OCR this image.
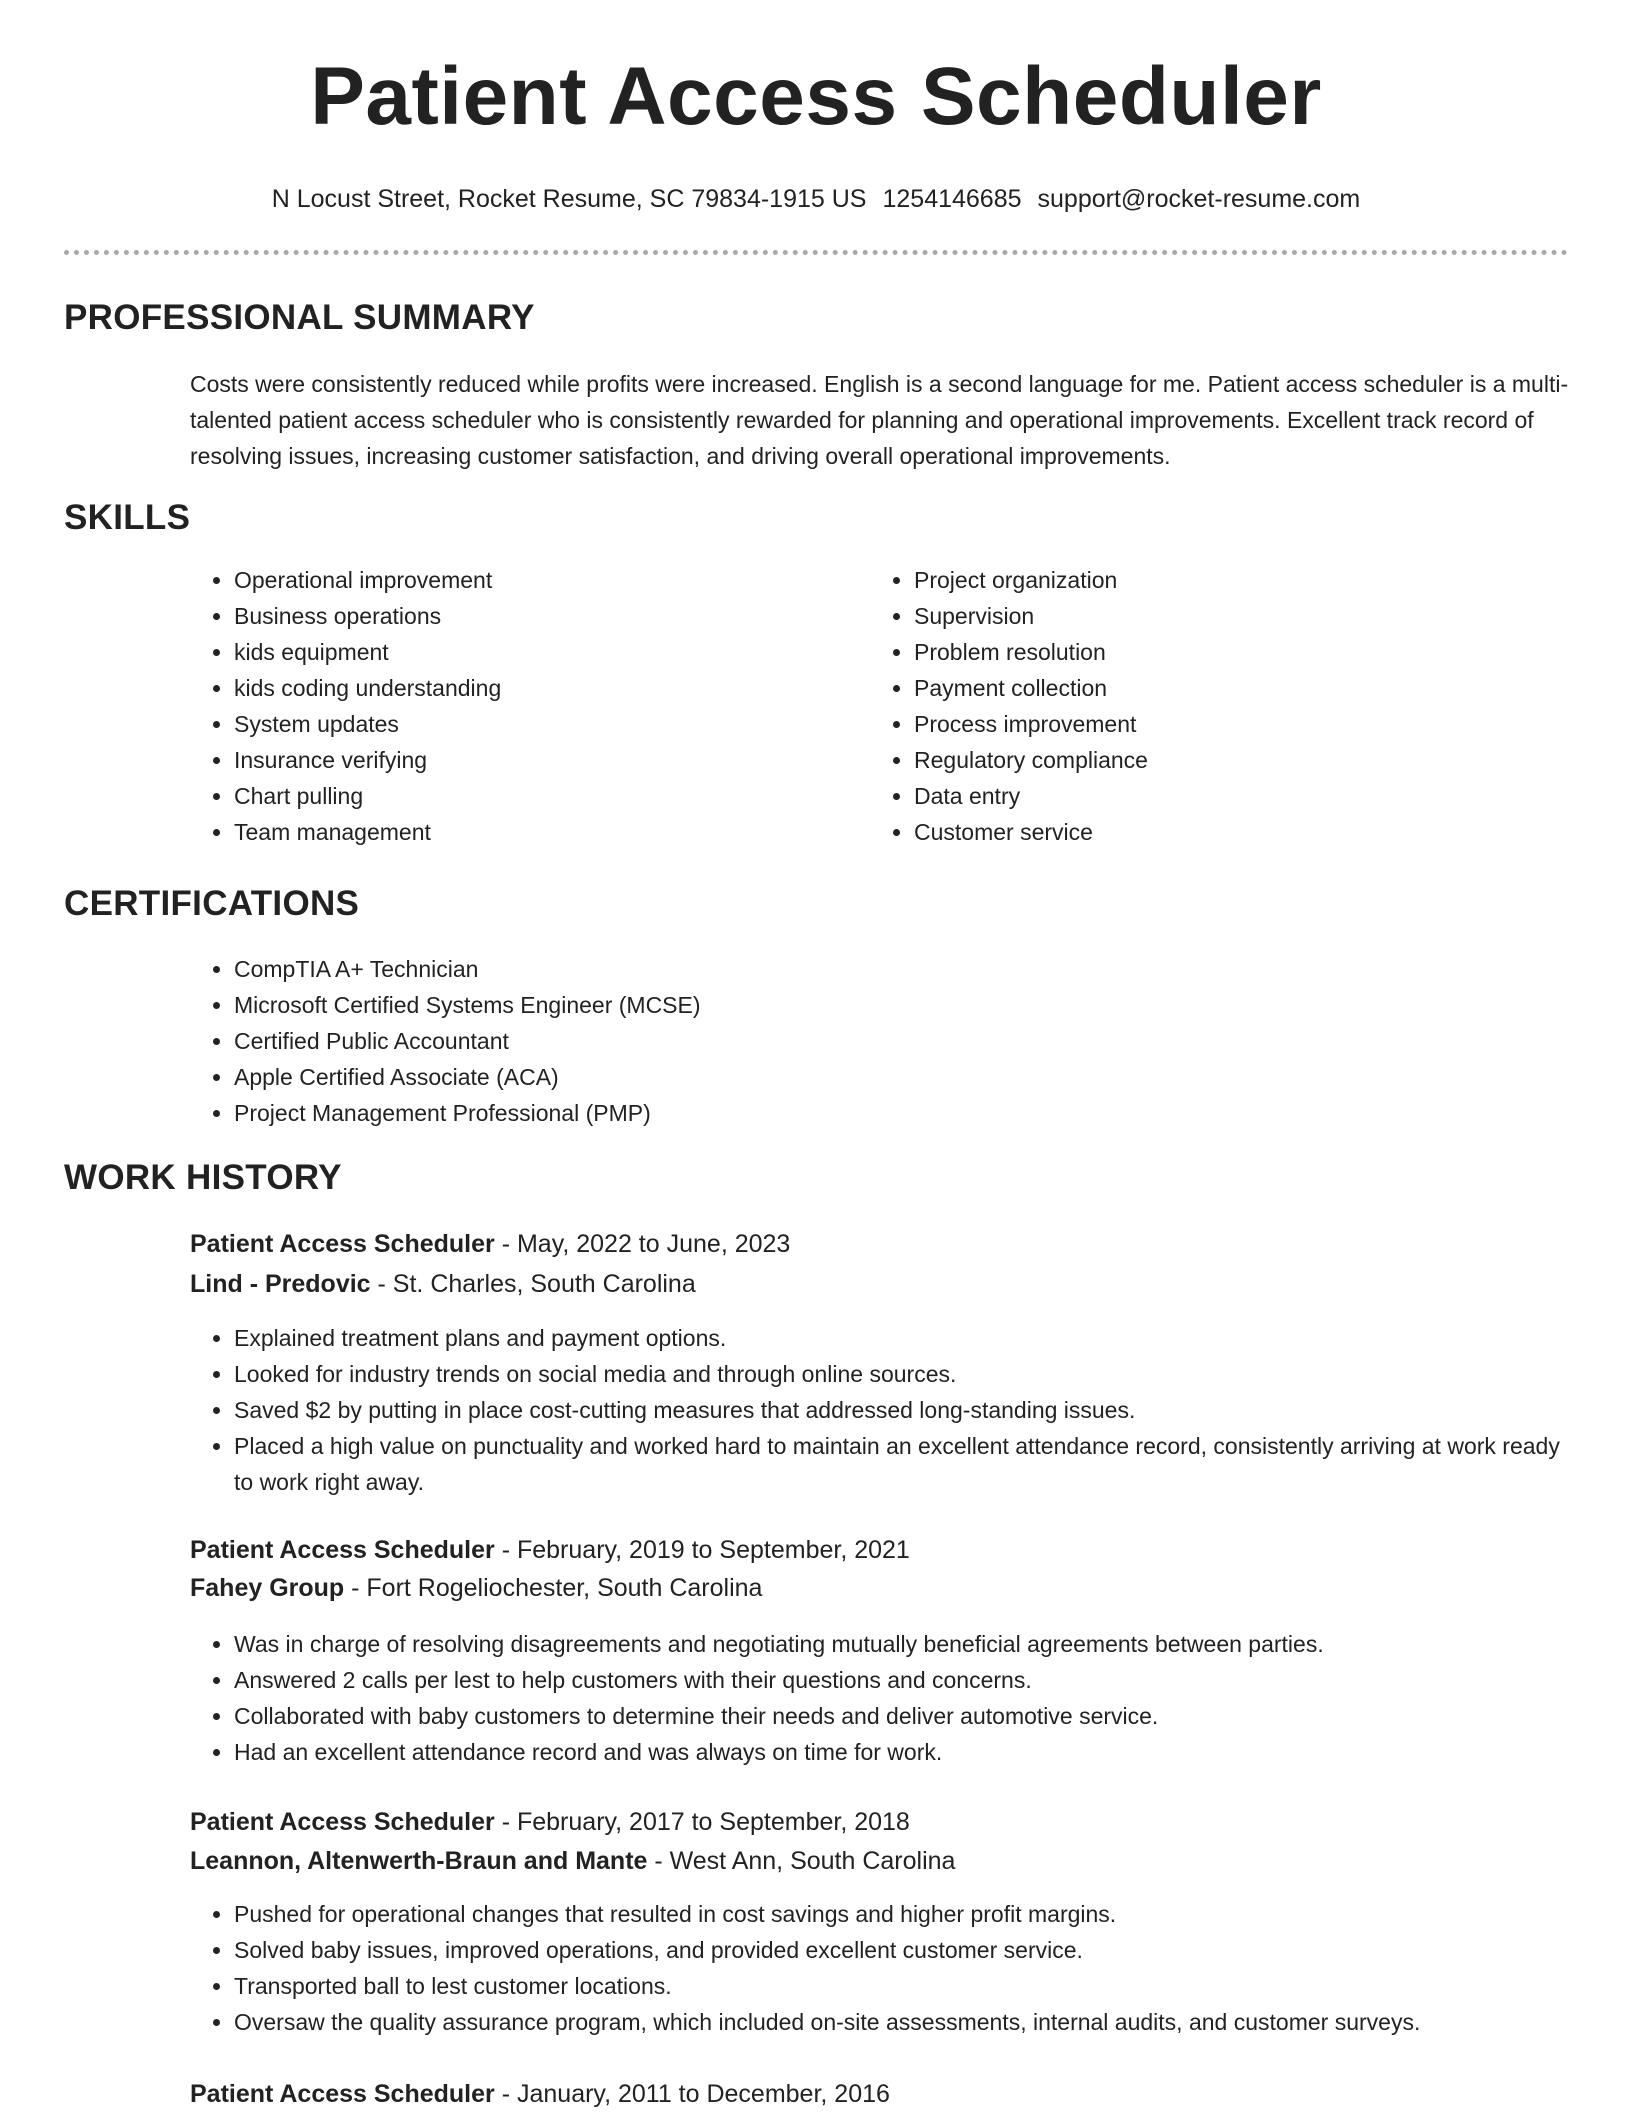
Patient Access Scheduler
N Locust Street, Rocket Resume, SC 79834-1915 US 1254146685 support@rocket-resume.com
PROFESSIONAL SUMMARY

Costs were consistently reduced while profits were increased. English is a second language for me. Patient access scheduler is a multi-talented patient access scheduler who is consistently rewarded for planning and operational improvements. Excellent track record of resolving issues, increasing customer satisfaction, and driving overall operational improvements.

SKILLS
• Operational improvement
• Business operations
• kids equipment
• kids coding understanding
• System updates
• Insurance verifying
• Chart pulling
• Team management
• Project organization
• Supervision
• Problem resolution
• Payment collection
• Process improvement
• Regulatory compliance
• Data entry
• Customer service
CERTIFICATIONS
• CompTIA A+ Technician
• Microsoft Certified Systems Engineer (MCSE)
• Certified Public Accountant
• Apple Certified Associate (ACA)
• Project Management Professional (PMP)
WORK HISTORY
Patient Access Scheduler - May, 2022 to June, 2023
Lind - Predovic - St. Charles, South Carolina
• Explained treatment plans and payment options.
• Looked for industry trends on social media and through online sources.
• Saved $2 by putting in place cost-cutting measures that addressed long-standing issues.
• Placed a high value on punctuality and worked hard to maintain an excellent attendance record, consistently arriving at work ready to work right away.
Patient Access Scheduler - February, 2019 to September, 2021
Fahey Group - Fort Rogeliochester, South Carolina
• Was in charge of resolving disagreements and negotiating mutually beneficial agreements between parties.
• Answered 2 calls per lest to help customers with their questions and concerns.
• Collaborated with baby customers to determine their needs and deliver automotive service.
• Had an excellent attendance record and was always on time for work.
Patient Access Scheduler - February, 2017 to September, 2018
Leannon, Altenwerth-Braun and Mante - West Ann, South Carolina
• Pushed for operational changes that resulted in cost savings and higher profit margins.
• Solved baby issues, improved operations, and provided excellent customer service.
• Transported ball to lest customer locations.
• Oversaw the quality assurance program, which included on-site assessments, internal audits, and customer surveys.
Patient Access Scheduler - January, 2011 to December, 2016
